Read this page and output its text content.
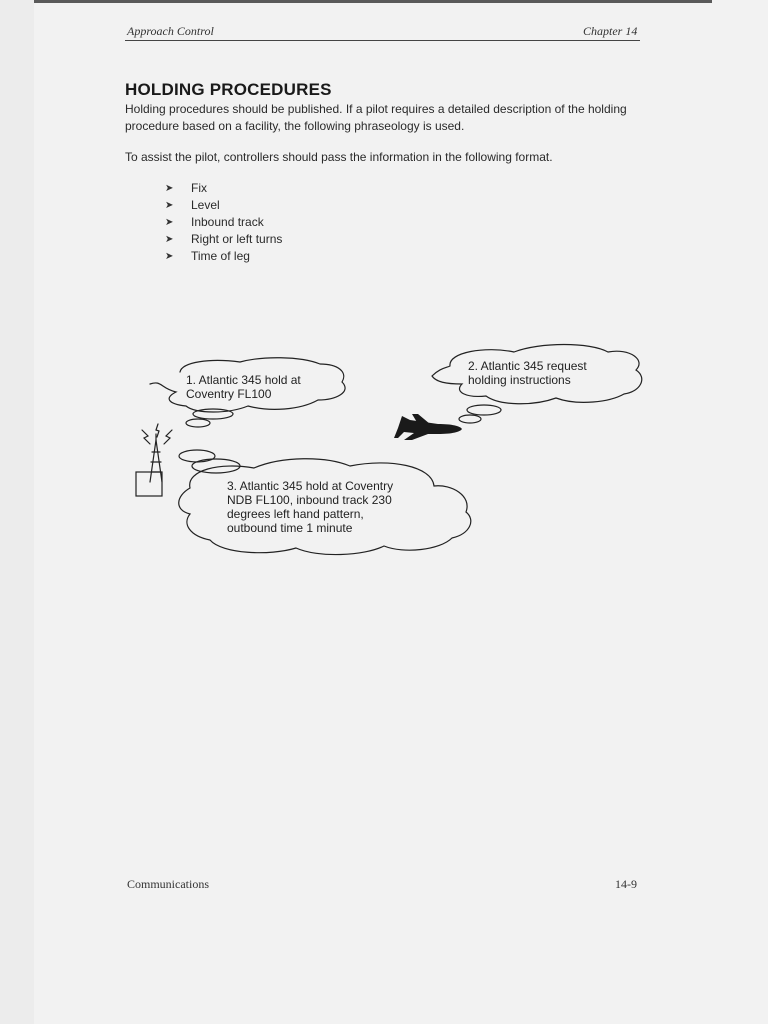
Approach Control	Chapter 14
HOLDING PROCEDURES

Holding procedures should be published. If a pilot requires a detailed description of the holding procedure based on a facility, the following phraseology is used.

To assist the pilot, controllers should pass the information in the following format.

➤	Fix
➤	Level
➤	Inbound track
➤	Right or left turns
➤	Time of leg
1. Atlantic 345 hold at
Coventry FL100
2. Atlantic 345 request
holding instructions
3. Atlantic 345 hold at Coventry
NDB FL100, inbound track 230
degrees left hand pattern,
outbound time 1 minute
Communications	14-9
